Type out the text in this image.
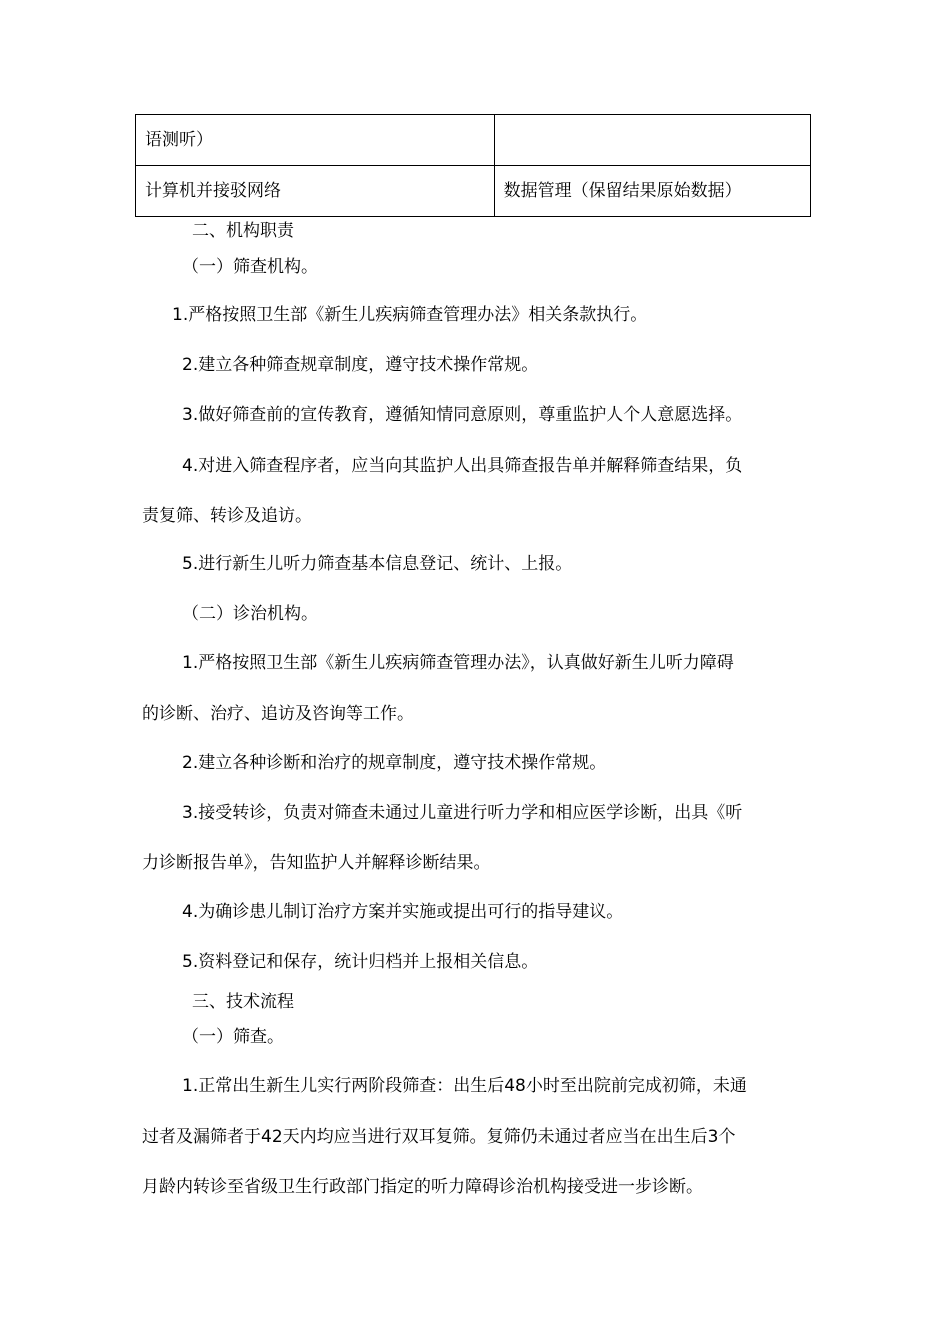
语测听）	
计算机并接驳网络	数据管理（保留结果原始数据）

二、机构职责

（一）筛查机构。

1.严格按照卫生部《新生儿疾病筛查管理办法》相关条款执行。

2.建立各种筛查规章制度，遵守技术操作常规。

3.做好筛查前的宣传教育，遵循知情同意原则，尊重监护人个人意愿选择。

4.对进入筛查程序者，应当向其监护人出具筛查报告单并解释筛查结果，负

责复筛、转诊及追访。

5.进行新生儿听力筛查基本信息登记、统计、上报。

（二）诊治机构。

1.严格按照卫生部《新生儿疾病筛查管理办法》，认真做好新生儿听力障碍

的诊断、治疗、追访及咨询等工作。

2.建立各种诊断和治疗的规章制度，遵守技术操作常规。

3.接受转诊，负责对筛查未通过儿童进行听力学和相应医学诊断，出具《听

力诊断报告单》，告知监护人并解释诊断结果。

4.为确诊患儿制订治疗方案并实施或提出可行的指导建议。

5.资料登记和保存，统计归档并上报相关信息。

三、技术流程

（一）筛查。

1.正常出生新生儿实行两阶段筛查：出生后48小时至出院前完成初筛，未通

过者及漏筛者于42天内均应当进行双耳复筛。复筛仍未通过者应当在出生后3个

月龄内转诊至省级卫生行政部门指定的听力障碍诊治机构接受进一步诊断。
